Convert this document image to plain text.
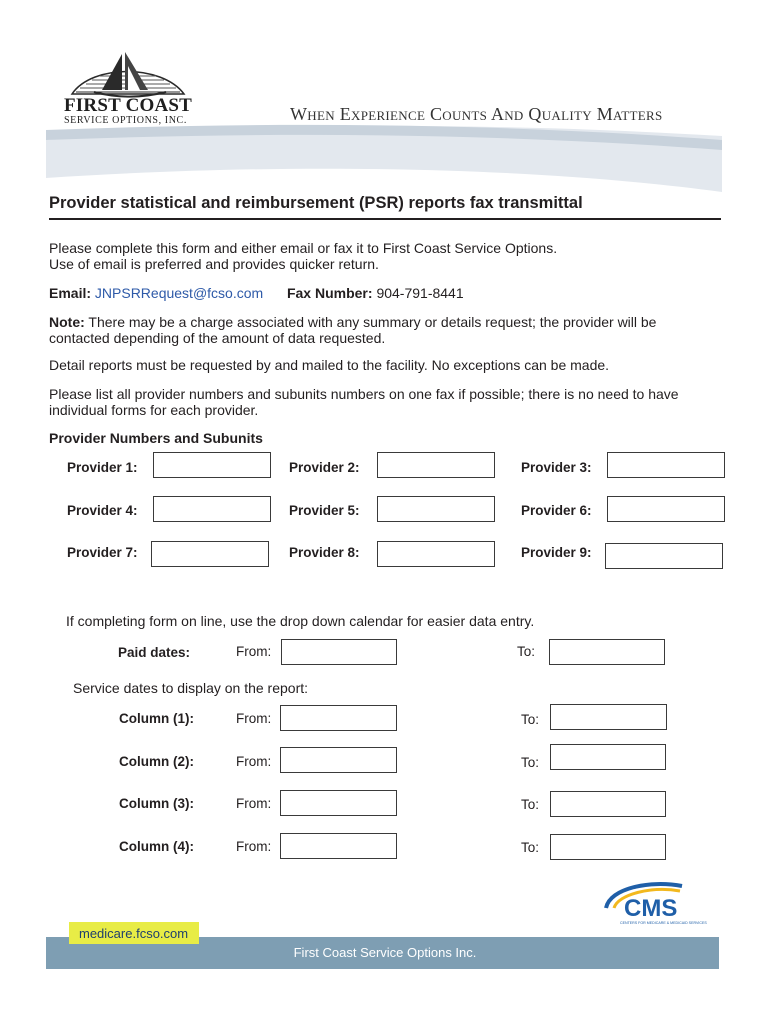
FIRST COAST
SERVICE OPTIONS, INC.	When Experience Counts And Quality Matters
Provider statistical and reimbursement (PSR) reports fax transmittal
Please complete this form and either email or fax it to First Coast Service Options.
Use of email is preferred and provides quicker return.
Email: JNPSRRequest@fcso.com Fax Number: 904-791-8441
Note: There may be a charge associated with any summary or details request; the provider will be contacted depending of the amount of data requested.
Detail reports must be requested by and mailed to the facility. No exceptions can be made.
Please list all provider numbers and subunits numbers on one fax if possible; there is no need to have individual forms for each provider.
Provider Numbers and Subunits
Provider 1:	Provider 2:	Provider 3:
Provider 4:	Provider 5:	Provider 6:
Provider 7:	Provider 8:	Provider 9:
If completing form on line, use the drop down calendar for easier data entry.
Paid dates:	From:	To:
Service dates to display on the report:
Column (1):	From:	To:
Column (2):	From:	To:
Column (3):	From:	To:
Column (4):	From:	To:
CMS
CENTERS FOR MEDICARE & MEDICAID SERVICES
medicare.fcso.com
First Coast Service Options Inc.
